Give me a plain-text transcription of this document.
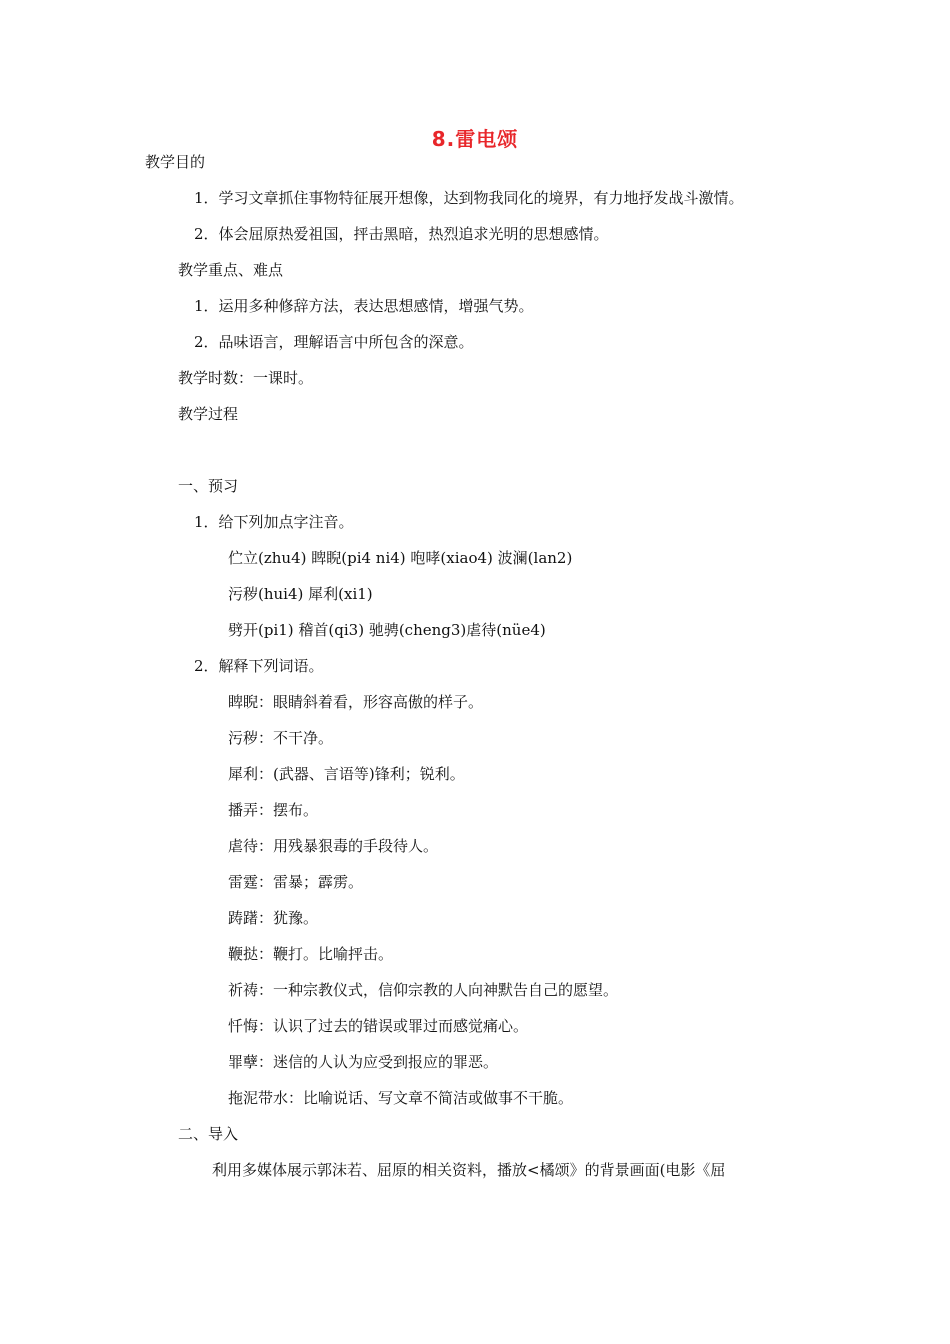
8.雷电颂
教学目的
1．学习文章抓住事物特征展开想像，达到物我同化的境界，有力地抒发战斗激情。
2．体会屈原热爱祖国，抨击黑暗，热烈追求光明的思想感情。
教学重点、难点
1．运用多种修辞方法，表达思想感情，增强气势。
2．品味语言，理解语言中所包含的深意。
教学时数：一课时。
教学过程
一、预习
1．给下列加点字注音。
伫立(zhu4) 睥睨(pi4 ni4) 咆哮(xiao4) 波澜(lan2)
污秽(hui4) 犀利(xi1)
劈开(pi1) 稽首(qi3) 驰骋(cheng3)虐待(nüe4)
2．解释下列词语。
睥睨：眼睛斜着看，形容高傲的样子。
污秽：不干净。
犀利：(武器、言语等)锋利；锐利。
播弄：摆布。
虐待：用残暴狠毒的手段待人。
雷霆：雷暴；霹雳。
踌躇：犹豫。
鞭挞：鞭打。比喻抨击。
祈祷：一种宗教仪式，信仰宗教的人向神默告自己的愿望。
忏悔：认识了过去的错误或罪过而感觉痛心。
罪孽：迷信的人认为应受到报应的罪恶。
拖泥带水：比喻说话、写文章不简洁或做事不干脆。
二、导入
利用多媒体展示郭沫若、屈原的相关资料，播放<橘颂》的背景画面(电影《屈
